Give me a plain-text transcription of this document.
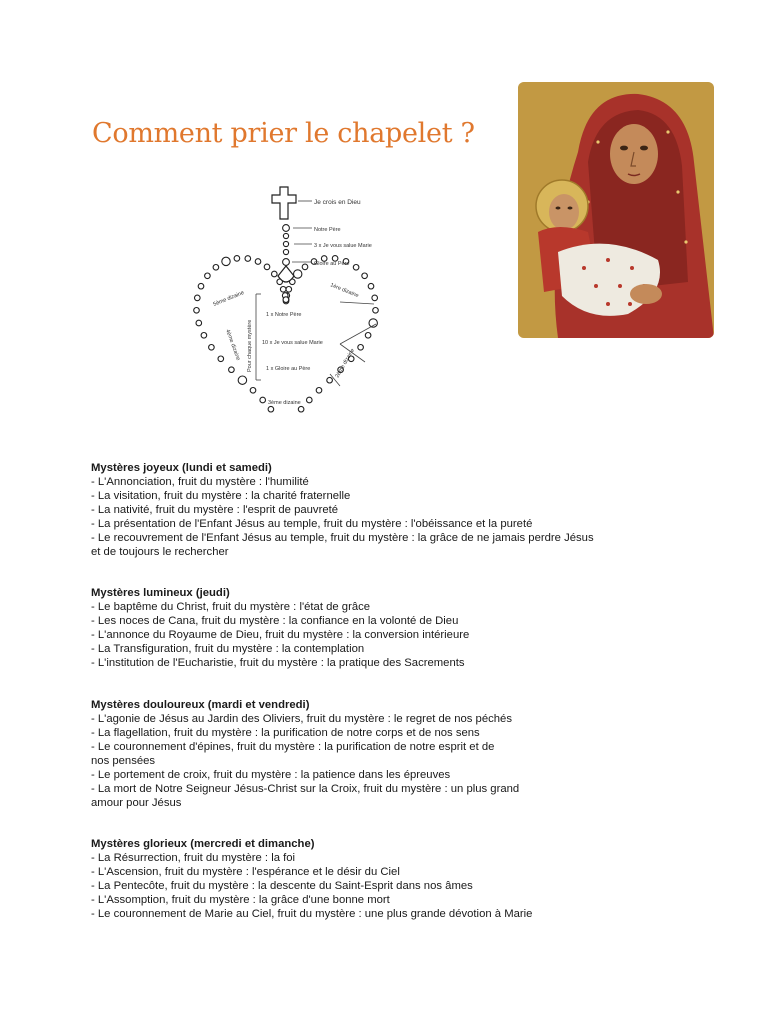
Comment prier le chapelet ?
Je crois en Dieu
Notre Père
3 x Je vous salue Marie
Gloire au Père
1ère dizaine
5ème dizaine
4ème dizaine
2ème dizaine
3ème dizaine
Pour chaque mystère
1 x Notre Père
10 x Je vous salue Marie
1 x Gloire au Père
Mystères joyeux (lundi et samedi)
- L'Annonciation, fruit du mystère : l'humilité
- La visitation, fruit du mystère : la charité fraternelle
- La nativité, fruit du mystère : l'esprit de pauvreté
- La présentation de l'Enfant Jésus au temple, fruit du mystère : l'obéissance et la pureté
- Le recouvrement de l'Enfant Jésus au temple, fruit du mystère : la grâce de ne jamais perdre Jésus
et de toujours le rechercher
Mystères lumineux (jeudi)
- Le baptême du Christ, fruit du mystère : l'état de grâce
- Les noces de Cana, fruit du mystère : la confiance en la volonté de Dieu
- L'annonce du Royaume de Dieu, fruit du mystère : la conversion intérieure
- La Transfiguration, fruit du mystère : la contemplation
- L'institution de l'Eucharistie, fruit du mystère : la pratique des Sacrements
Mystères douloureux (mardi et vendredi)
- L'agonie de Jésus au Jardin des Oliviers, fruit du mystère : le regret de nos péchés
- La flagellation, fruit du mystère : la purification de notre corps et de nos sens
- Le couronnement d'épines, fruit du mystère : la purification de notre esprit et de
nos pensées
- Le portement de croix, fruit du mystère : la patience dans les épreuves
- La mort de Notre Seigneur Jésus-Christ sur la Croix, fruit du mystère : un plus grand
amour pour Jésus
Mystères glorieux (mercredi et dimanche)
- La Résurrection, fruit du mystère : la foi
- L'Ascension, fruit du mystère : l'espérance et le désir du Ciel
- La Pentecôte, fruit du mystère : la descente du Saint-Esprit dans nos âmes
- L'Assomption, fruit du mystère : la grâce d'une bonne mort
- Le couronnement de Marie au Ciel, fruit du mystère : une plus grande dévotion à Marie
